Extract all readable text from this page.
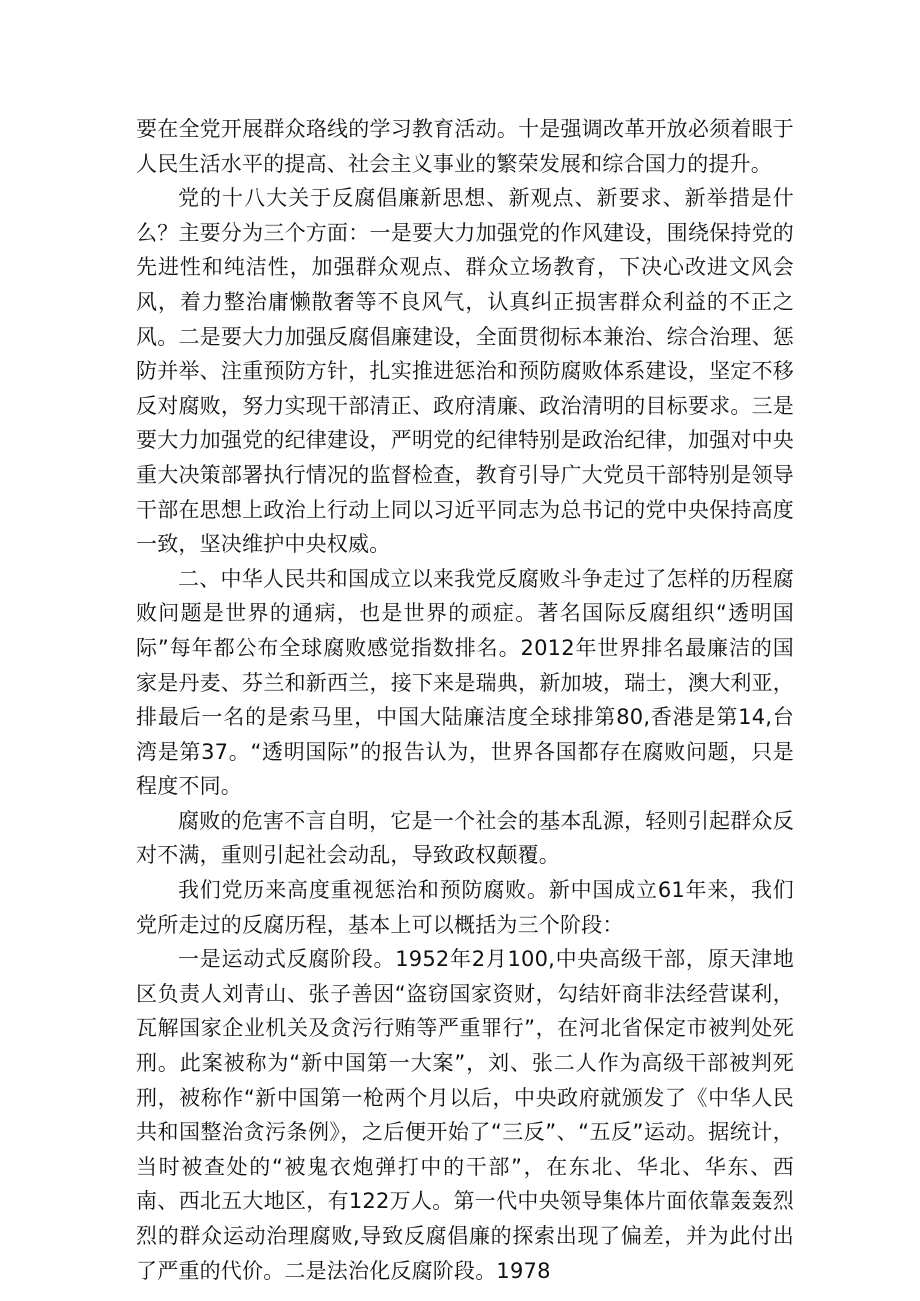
要在全党开展群众珞线的学习教育活动。十是强调改革开放必须着眼于人民生活水平的提高、社会主义事业的繁荣发展和综合国力的提升。

党的十八大关于反腐倡廉新思想、新观点、新要求、新举措是什么？主要分为三个方面：一是要大力加强党的作风建设，围绕保持党的先进性和纯洁性，加强群众观点、群众立场教育，下决心改进文风会风，着力整治庸懒散奢等不良风气，认真纠正损害群众利益的不正之风。二是要大力加强反腐倡廉建设，全面贯彻标本兼治、综合治理、惩防并举、注重预防方针，扎实推进惩治和预防腐败体系建设，坚定不移反对腐败，努力实现干部清正、政府清廉、政治清明的目标要求。三是要大力加强党的纪律建设，严明党的纪律特别是政治纪律，加强对中央重大决策部署执行情况的监督检查，教育引导广大党员干部特别是领导干部在思想上政治上行动上同以习近平同志为总书记的党中央保持高度一致，坚决维护中央权威。

二、中华人民共和国成立以来我党反腐败斗争走过了怎样的历程腐败问题是世界的通病，也是世界的顽症。著名国际反腐组织“透明国际”每年都公布全球腐败感觉指数排名。2012年世界排名最廉洁的国家是丹麦、芬兰和新西兰，接下来是瑞典，新加坡，瑞士，澳大利亚，排最后一名的是索马里，中国大陆廉洁度全球排第80,香港是第14,台湾是第37。“透明国际”的报告认为，世界各国都存在腐败问题，只是程度不同。

腐败的危害不言自明，它是一个社会的基本乱源，轻则引起群众反对不满，重则引起社会动乱，导致政权颠覆。

我们党历来高度重视惩治和预防腐败。新中国成立61年来，我们党所走过的反腐历程，基本上可以概括为三个阶段：

一是运动式反腐阶段。1952年2月100,中央高级干部，原天津地区负责人刘青山、张子善因“盗窃国家资财，勾结奸商非法经营谋利，瓦解国家企业机关及贪污行贿等严重罪行”，在河北省保定市被判处死刑。此案被称为“新中国第一大案”，刘、张二人作为高级干部被判死刑，被称作“新中国第一枪两个月以后，中央政府就颁发了《中华人民共和国整治贪污条例》，之后便开始了“三反”、“五反”运动。据统计，当时被查处的“被鬼衣炮弹打中的干部”，在东北、华北、华东、西南、西北五大地区，有122万人。第一代中央领导集体片面依靠轰轰烈烈的群众运动治理腐败,导致反腐倡廉的探索出现了偏差，并为此付出了严重的代价。二是法治化反腐阶段。1978
